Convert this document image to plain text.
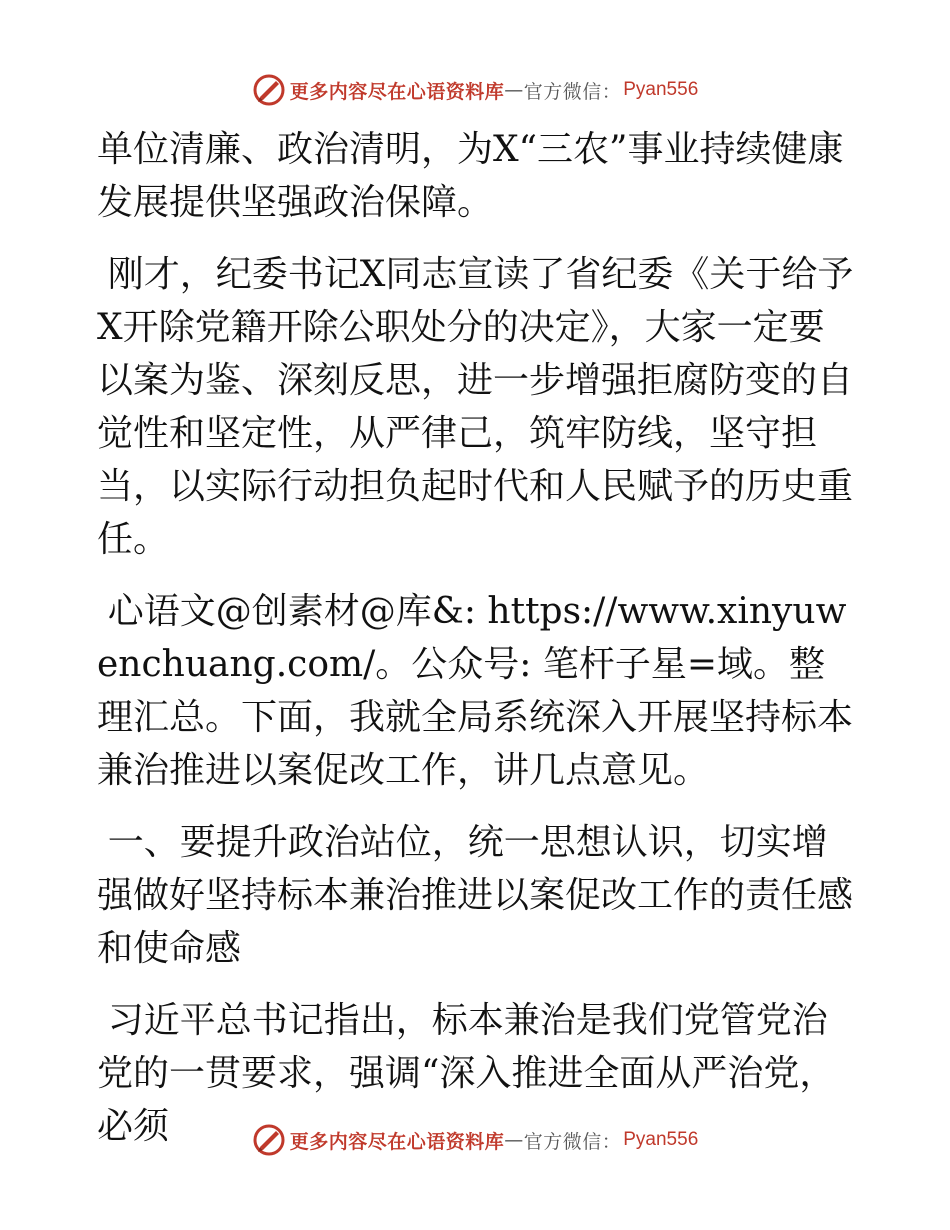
更多内容尽在心语资料库 — 官方微信： Pyan556

单位清廉、政治清明，为X“三农”事业持续健康发展提供坚强政治保障。

刚才，纪委书记X同志宣读了省纪委《关于给予X开除党籍开除公职处分的决定》，大家一定要以案为鉴、深刻反思，进一步增强拒腐防变的自觉性和坚定性，从严律己，筑牢防线，坚守担当，以实际行动担负起时代和人民赋予的历史重任。

心语文@创素材@库&: https://www.xinyuwenchuang.com/。公众号: 笔杆子星=域。整理汇总。下面，我就全局系统深入开展坚持标本兼治推进以案促改工作，讲几点意见。

一、要提升政治站位，统一思想认识，切实增强做好坚持标本兼治推进以案促改工作的责任感和使命感

习近平总书记指出，标本兼治是我们党管党治党的一贯要求，强调“深入推进全面从严治党，必须	更多内容尽在心语资料库 — 官方微信： Pyan556
